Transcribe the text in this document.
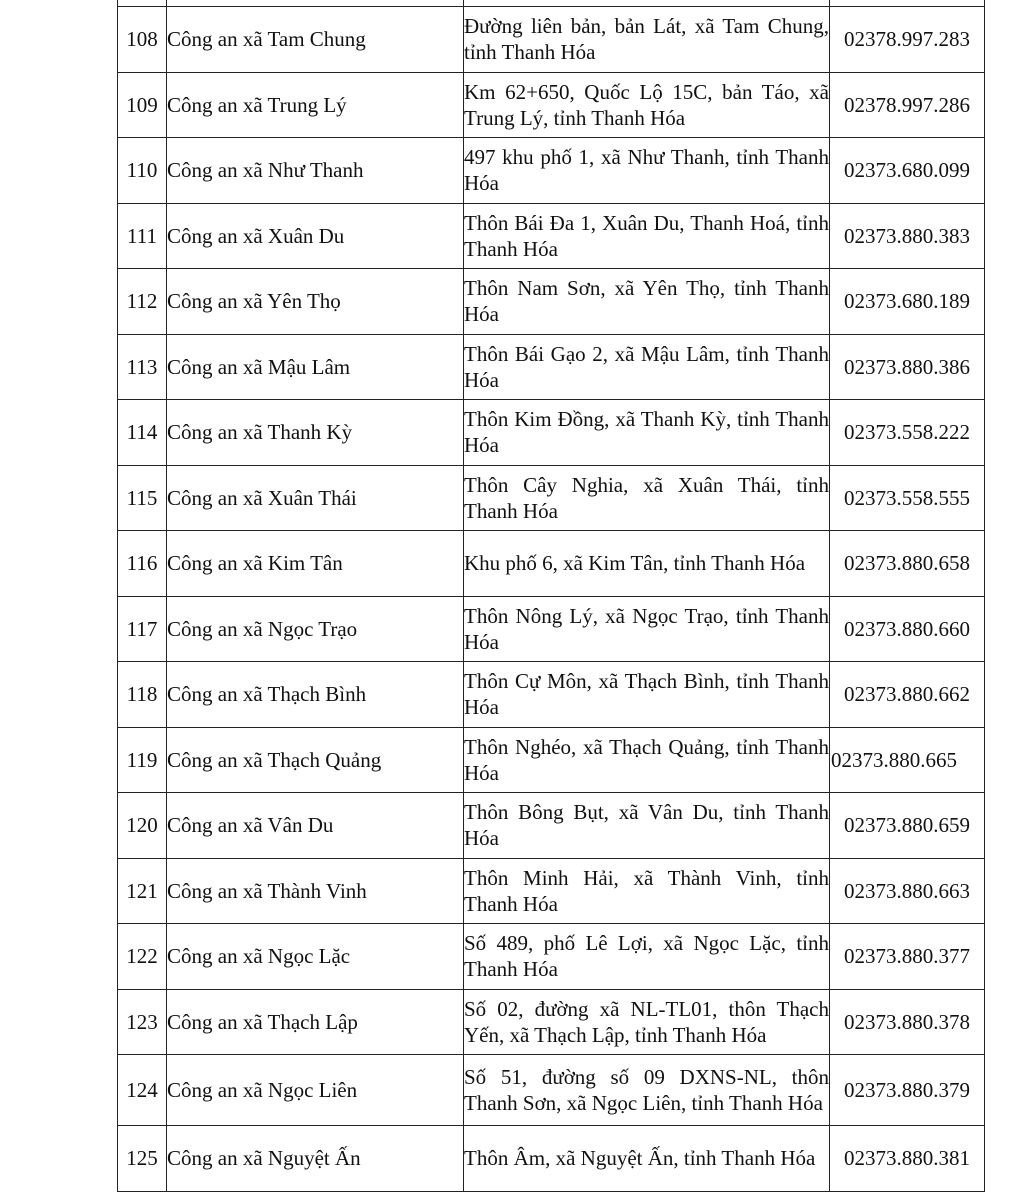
108	Công an xã Tam Chung	Đường liên bản, bản Lát, xã Tam Chung, tỉnh Thanh Hóa	02378.997.283
109	Công an xã Trung Lý	Km 62+650, Quốc Lộ 15C, bản Táo, xã Trung Lý, tỉnh Thanh Hóa	02378.997.286
110	Công an xã Như Thanh	497 khu phố 1, xã Như Thanh, tỉnh Thanh Hóa	02373.680.099
111	Công an xã Xuân Du	Thôn Bái Đa 1, Xuân Du, Thanh Hoá, tỉnh Thanh Hóa	02373.880.383
112	Công an xã Yên Thọ	Thôn Nam Sơn, xã Yên Thọ, tỉnh Thanh Hóa	02373.680.189
113	Công an xã Mậu Lâm	Thôn Bái Gạo 2, xã Mậu Lâm, tỉnh Thanh Hóa	02373.880.386
114	Công an xã Thanh Kỳ	Thôn Kim Đồng, xã Thanh Kỳ, tỉnh Thanh Hóa	02373.558.222
115	Công an xã Xuân Thái	Thôn Cây Nghia, xã Xuân Thái, tỉnh Thanh Hóa	02373.558.555
116	Công an xã Kim Tân	Khu phố 6, xã Kim Tân, tỉnh Thanh Hóa	02373.880.658
117	Công an xã Ngọc Trạo	Thôn Nông Lý, xã Ngọc Trạo, tỉnh Thanh Hóa	02373.880.660
118	Công an xã Thạch Bình	Thôn Cự Môn, xã Thạch Bình, tỉnh Thanh Hóa	02373.880.662
119	Công an xã Thạch Quảng	Thôn Nghéo, xã Thạch Quảng, tỉnh Thanh Hóa	02373.880.665
120	Công an xã Vân Du	Thôn Bông Bụt, xã Vân Du, tỉnh Thanh Hóa	02373.880.659
121	Công an xã Thành Vinh	Thôn Minh Hải, xã Thành Vinh, tỉnh Thanh Hóa	02373.880.663
122	Công an xã Ngọc Lặc	Số 489, phố Lê Lợi, xã Ngọc Lặc, tỉnh Thanh Hóa	02373.880.377
123	Công an xã Thạch Lập	Số 02, đường xã NL-TL01, thôn Thạch Yến, xã Thạch Lập, tỉnh Thanh Hóa	02373.880.378
124	Công an xã Ngọc Liên	Số 51, đường số 09 DXNS-NL, thôn Thanh Sơn, xã Ngọc Liên, tỉnh Thanh Hóa	02373.880.379
125	Công an xã Nguyệt Ấn	Thôn Âm, xã Nguyệt Ấn, tỉnh Thanh Hóa	02373.880.381
